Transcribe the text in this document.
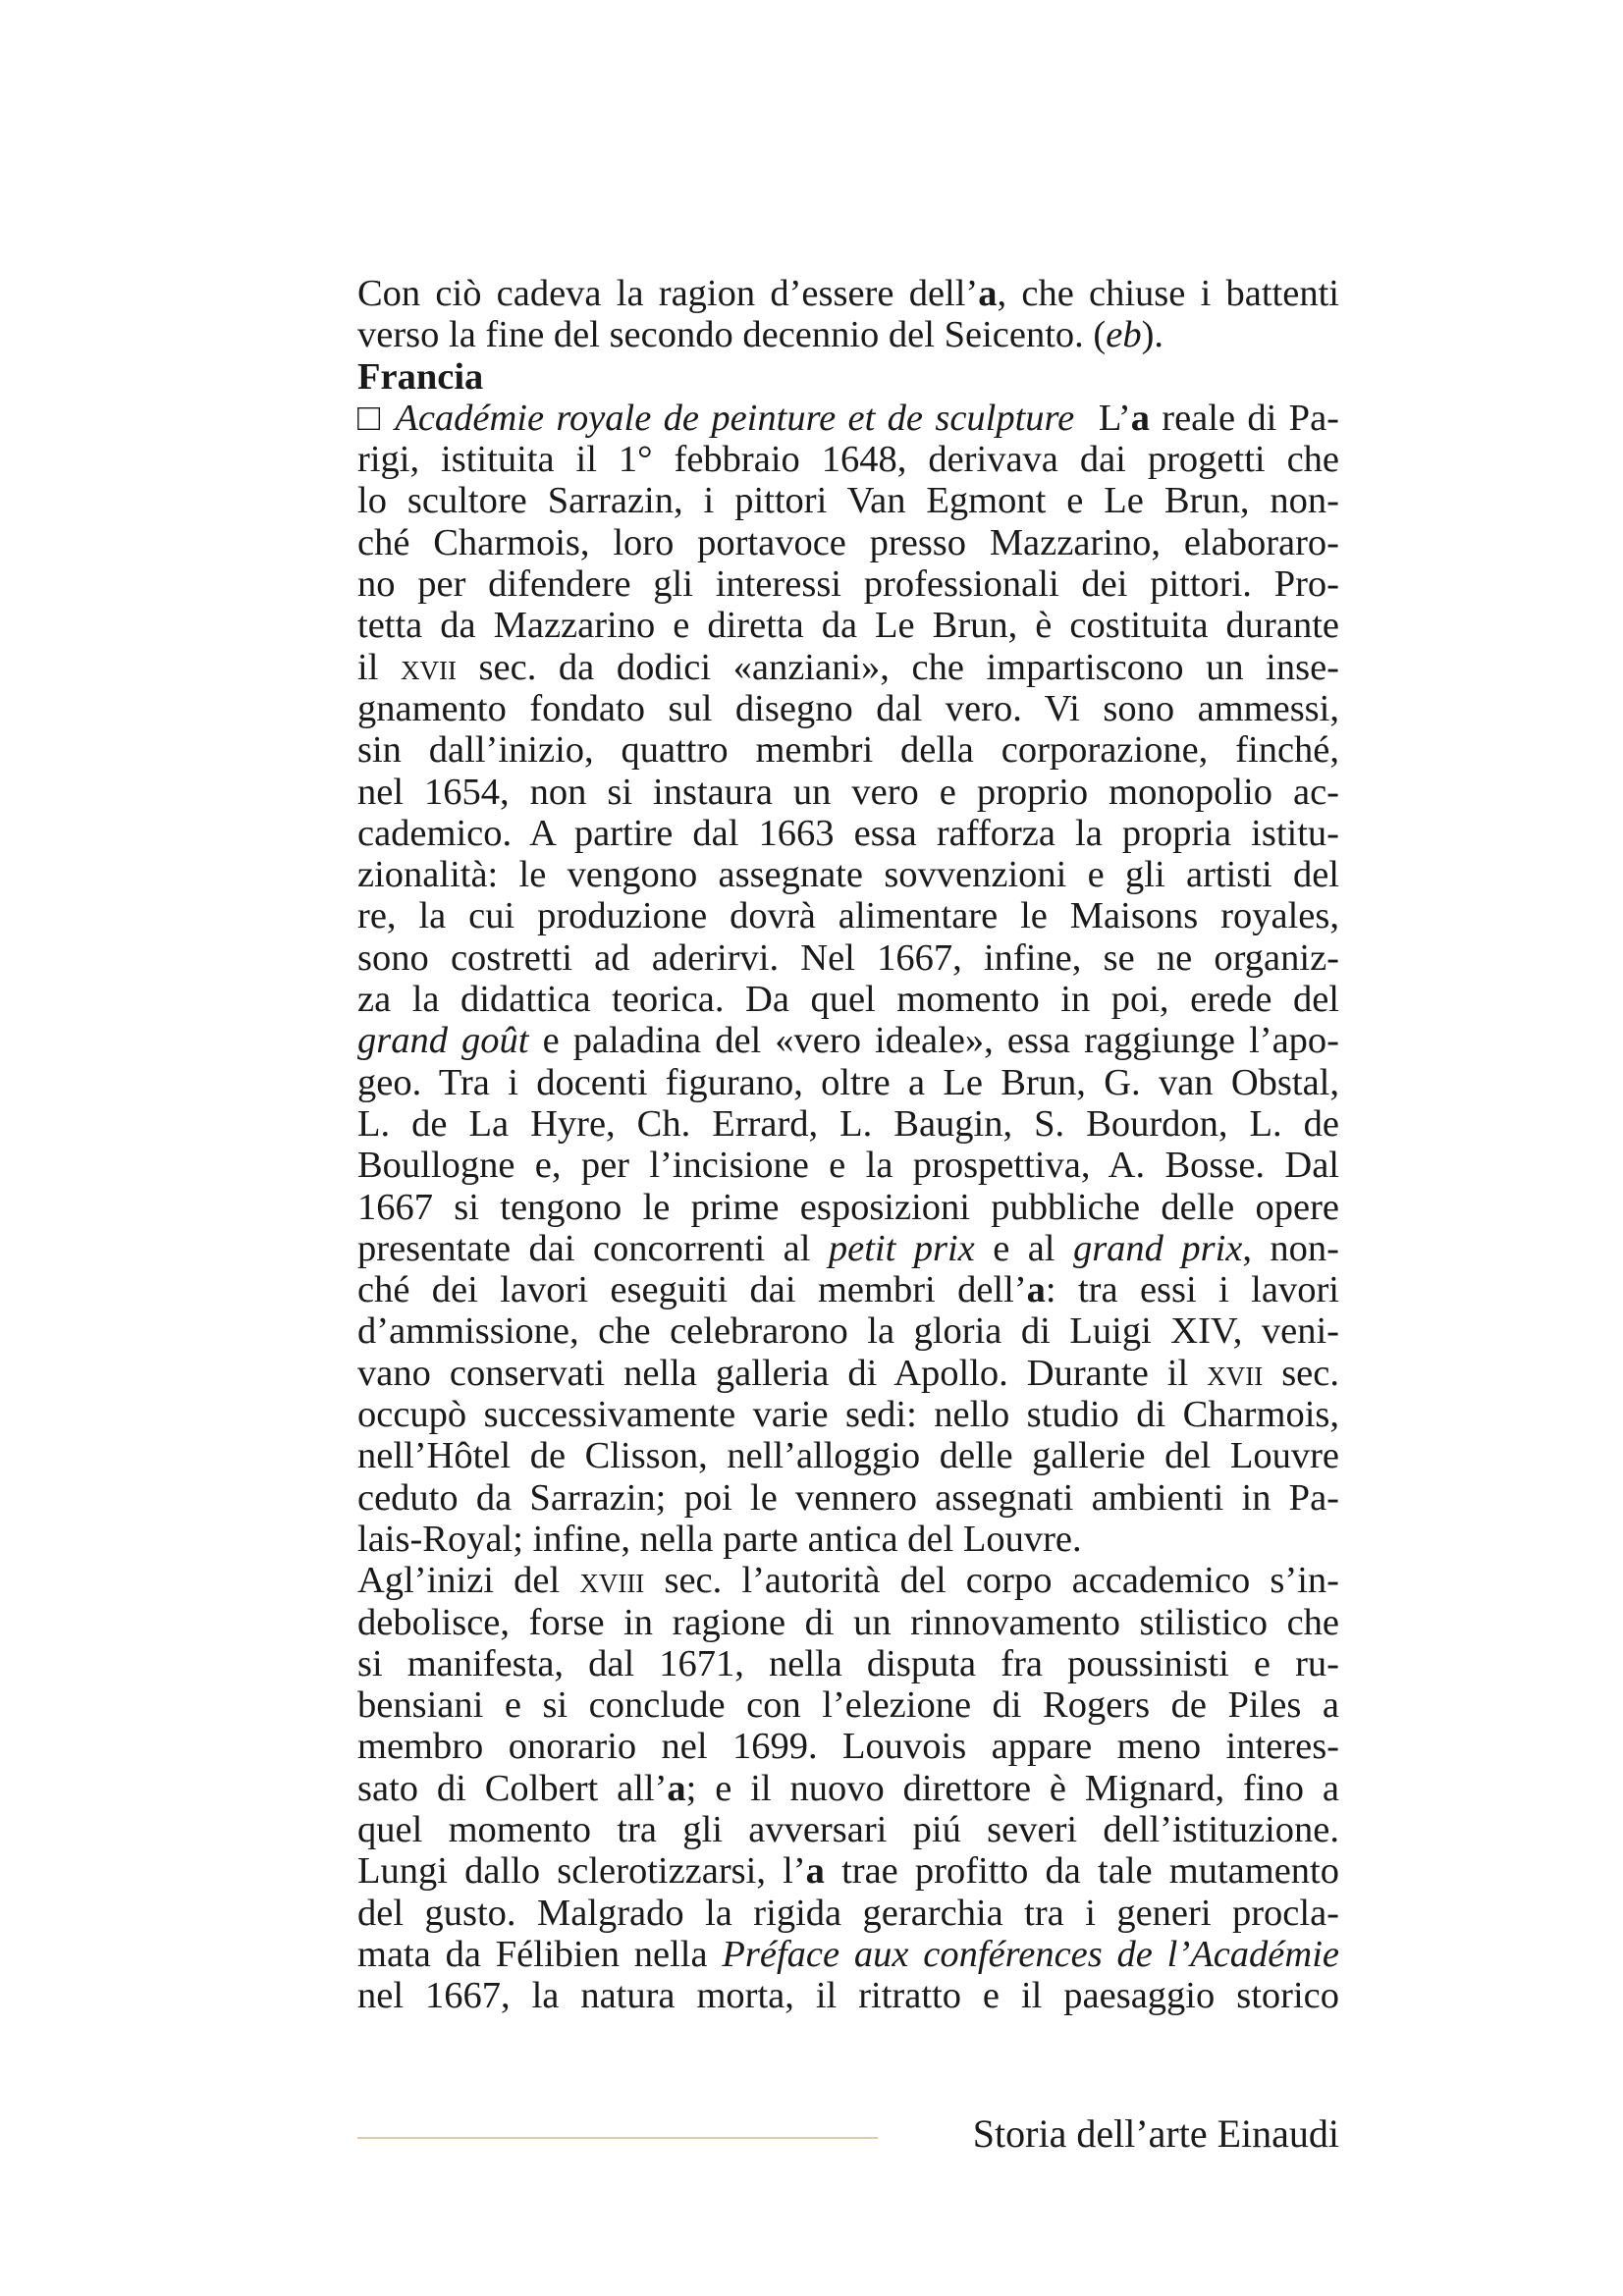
Con ciò cadeva la ragion d’essere dell’a, che chiuse i battenti
verso la fine del secondo decennio del Seicento. (eb).
Francia
□ Académie royale de peinture et de sculpture  L’a reale di Pa-
rigi, istituita il 1° febbraio 1648, derivava dai progetti che
lo scultore Sarrazin, i pittori Van Egmont e Le Brun, non-
ché Charmois, loro portavoce presso Mazzarino, elaboraro-
no per difendere gli interessi professionali dei pittori. Pro-
tetta da Mazzarino e diretta da Le Brun, è costituita durante
il xvii sec. da dodici «anziani», che impartiscono un inse-
gnamento fondato sul disegno dal vero. Vi sono ammessi,
sin dall’inizio, quattro membri della corporazione, finché,
nel 1654, non si instaura un vero e proprio monopolio ac-
cademico. A partire dal 1663 essa rafforza la propria istitu-
zionalità: le vengono assegnate sovvenzioni e gli artisti del
re, la cui produzione dovrà alimentare le Maisons royales,
sono costretti ad aderirvi. Nel 1667, infine, se ne organiz-
za la didattica teorica. Da quel momento in poi, erede del
grand goût e paladina del «vero ideale», essa raggiunge l’apo-
geo. Tra i docenti figurano, oltre a Le Brun, G. van Obstal,
L. de La Hyre, Ch. Errard, L. Baugin, S. Bourdon, L. de
Boullogne e, per l’incisione e la prospettiva, A. Bosse. Dal
1667 si tengono le prime esposizioni pubbliche delle opere
presentate dai concorrenti al petit prix e al grand prix, non-
ché dei lavori eseguiti dai membri dell’a: tra essi i lavori
d’ammissione, che celebrarono la gloria di Luigi XIV, veni-
vano conservati nella galleria di Apollo. Durante il xvii sec.
occupò successivamente varie sedi: nello studio di Charmois,
nell’Hôtel de Clisson, nell’alloggio delle gallerie del Louvre
ceduto da Sarrazin; poi le vennero assegnati ambienti in Pa-
lais-Royal; infine, nella parte antica del Louvre.
Agl’inizi del xviii sec. l’autorità del corpo accademico s’in-
debolisce, forse in ragione di un rinnovamento stilistico che
si manifesta, dal 1671, nella disputa fra poussinisti e ru-
bensiani e si conclude con l’elezione di Rogers de Piles a
membro onorario nel 1699. Louvois appare meno interes-
sato di Colbert all’a; e il nuovo direttore è Mignard, fino a
quel momento tra gli avversari piú severi dell’istituzione.
Lungi dallo sclerotizzarsi, l’a trae profitto da tale mutamento
del gusto. Malgrado la rigida gerarchia tra i generi procla-
mata da Félibien nella Préface aux conférences de l’Académie
nel 1667, la natura morta, il ritratto e il paesaggio storico
Storia dell’arte Einaudi
